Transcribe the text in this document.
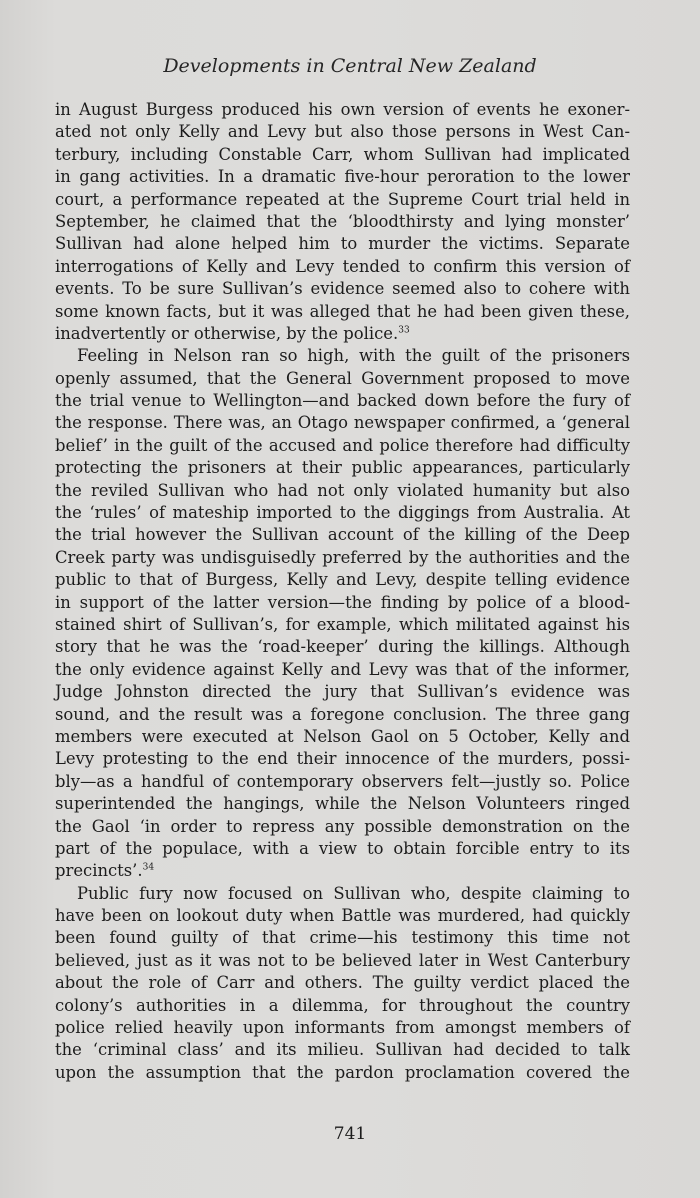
Developments in Central New Zealand
in August Burgess produced his own version of events he exoner-
ated not only Kelly and Levy but also those persons in West Can-
terbury, including Constable Carr, whom Sullivan had implicated
in gang activities. In a dramatic five-hour peroration to the lower
court, a performance repeated at the Supreme Court trial held in
September, he claimed that the ‘bloodthirsty and lying monster’
Sullivan had alone helped him to murder the victims. Separate
interrogations of Kelly and Levy tended to confirm this version of
events. To be sure Sullivan’s evidence seemed also to cohere with
some known facts, but it was alleged that he had been given these,
inadvertently or otherwise, by the police.$^{33}$
Feeling in Nelson ran so high, with the guilt of the prisoners
openly assumed, that the General Government proposed to move
the trial venue to Wellington—and backed down before the fury of
the response. There was, an Otago newspaper confirmed, a ‘general
belief’ in the guilt of the accused and police therefore had difficulty
protecting the prisoners at their public appearances, particularly
the reviled Sullivan who had not only violated humanity but also
the ‘rules’ of mateship imported to the diggings from Australia. At
the trial however the Sullivan account of the killing of the Deep
Creek party was undisguisedly preferred by the authorities and the
public to that of Burgess, Kelly and Levy, despite telling evidence
in support of the latter version—the finding by police of a blood-
stained shirt of Sullivan’s, for example, which militated against his
story that he was the ‘road-keeper’ during the killings. Although
the only evidence against Kelly and Levy was that of the informer,
Judge Johnston directed the jury that Sullivan’s evidence was
sound, and the result was a foregone conclusion. The three gang
members were executed at Nelson Gaol on 5 October, Kelly and
Levy protesting to the end their innocence of the murders, possi-
bly—as a handful of contemporary observers felt—justly so. Police
superintended the hangings, while the Nelson Volunteers ringed
the Gaol ‘in order to repress any possible demonstration on the
part of the populace, with a view to obtain forcible entry to its
precincts’.$^{34}$
Public fury now focused on Sullivan who, despite claiming to
have been on lookout duty when Battle was murdered, had quickly
been found guilty of that crime—his testimony this time not
believed, just as it was not to be believed later in West Canterbury
about the role of Carr and others. The guilty verdict placed the
colony’s authorities in a dilemma, for throughout the country
police relied heavily upon informants from amongst members of
the ‘criminal class’ and its milieu. Sullivan had decided to talk
upon the assumption that the pardon proclamation covered the
741
